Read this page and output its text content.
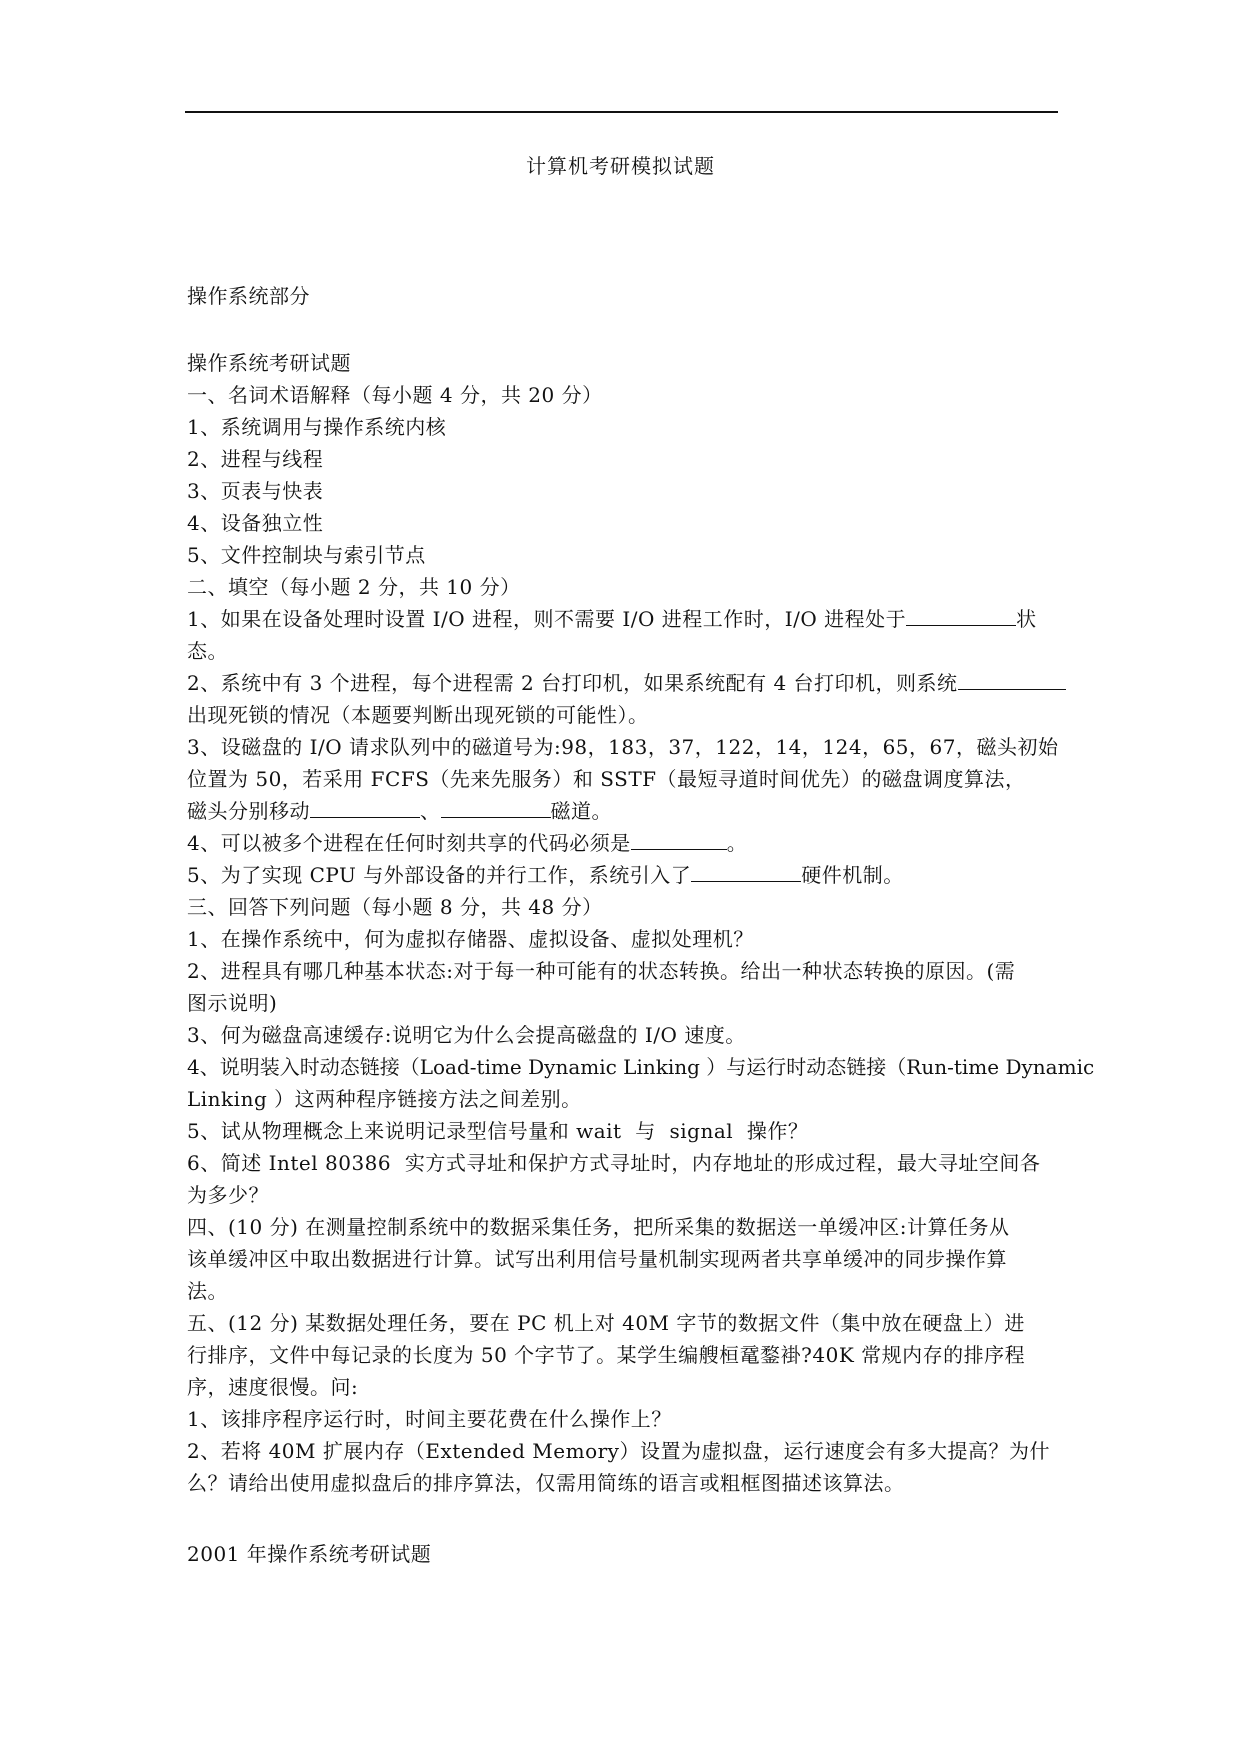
计算机考研模拟试题
操作系统部分
操作系统考研试题
一、名词术语解释（每小题 4 分，共 20 分）
1、系统调用与操作系统内核
2、进程与线程
3、页表与快表
4、设备独立性
5、文件控制块与索引节点
二、填空（每小题 2 分，共 10 分）
1、如果在设备处理时设置 I/O 进程，则不需要 I/O 进程工作时，I/O 进程处于	状
态。
2、系统中有 3 个进程，每个进程需 2 台打印机，如果系统配有 4 台打印机，则系统
出现死锁的情况（本题要判断出现死锁的可能性）。
3、设磁盘的 I/O 请求队列中的磁道号为:98，183，37，122，14，124，65，67，磁头初始
位置为 50，若采用 FCFS（先来先服务）和 SSTF（最短寻道时间优先）的磁盘调度算法，
磁头分别移动	、	磁道。
4、可以被多个进程在任何时刻共享的代码必须是	。
5、为了实现 CPU 与外部设备的并行工作，系统引入了	硬件机制。
三、回答下列问题（每小题 8 分，共 48 分）
1、在操作系统中，何为虚拟存储器、虚拟设备、虚拟处理机？
2、进程具有哪几种基本状态:对于每一种可能有的状态转换。给出一种状态转换的原因。(需
图示说明)
3、何为磁盘高速缓存:说明它为什么会提高磁盘的 I/O 速度。
4、说明装入时动态链接（Load-time Dynamic Linking ）与运行时动态链接（Run-time Dynamic
Linking ）这两种程序链接方法之间差别。
5、试从物理概念上来说明记录型信号量和 wait  与  signal  操作？
6、简述 Intel 80386  实方式寻址和保护方式寻址时，内存地址的形成过程，最大寻址空间各
为多少？
四、(10 分) 在测量控制系统中的数据采集任务，把所采集的数据送一单缓冲区:计算任务从
该单缓冲区中取出数据进行计算。试写出利用信号量机制实现两者共享单缓冲的同步操作算
法。
五、(12 分) 某数据处理任务，要在 PC 机上对 40M 字节的数据文件（集中放在硬盘上）进
行排序，文件中每记录的长度为 50 个字节了。某学生编艘桓鼋鍪褂?40K 常规内存的排序程
序，速度很慢。问:
1、该排序程序运行时，时间主要花费在什么操作上？
2、若将 40M 扩展内存（Extended Memory）设置为虚拟盘，运行速度会有多大提高？为什
么？请给出使用虚拟盘后的排序算法，仅需用简练的语言或粗框图描述该算法。
2001 年操作系统考研试题
